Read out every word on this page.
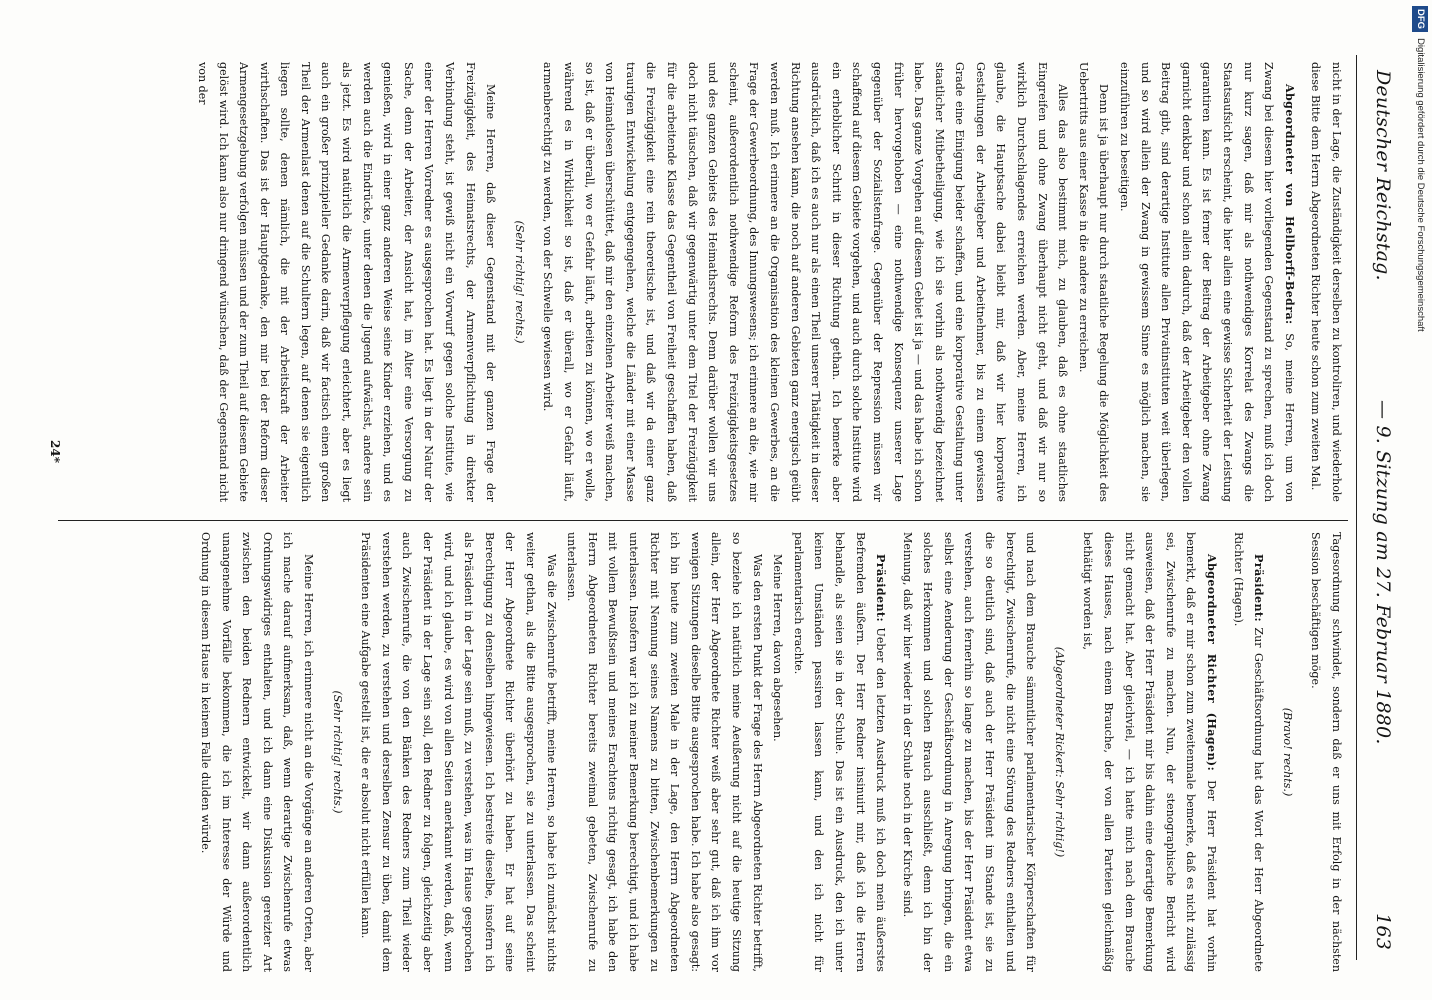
Deutscher Reichstag.
— 9. Sitzung am 27. Februar 1880.
163

nicht in der Lage, die Zuständigkeit derselben zu kontroliren, und wiederhole diese Bitte dem Herrn Abgeordneten Richter heute schon zum zweiten Mal.

Abgeordneter von Hellborff-Bedra: So, meine Herren, um von Zwang bei diesem hier vorliegenden Gegenstand zu sprechen, muß ich doch nur kurz sagen, daß mir als nothwendiges Korrelat des Zwangs die Staatsaufsicht erscheint, die hier allein eine gewisse Sicherheit der Leistung garantiren kann. Es ist ferner der Beitrag der Arbeitgeber ohne Zwang garnicht denkbar und schon allein dadurch, daß der Arbeitgeber den vollen Beitrag gibt, sind derartige Institute allen Privatinstituten weit überlegen, und so wird allein der Zwang in gewissem Sinne es möglich machen, sie einzuführen zu beseitigen.

Denn ist ja überhaupt nur durch staatliche Regelung die Möglichkeit des Uebertritts aus einer Kasse in die andere zu erreichen.

Alles das also bestimmt mich, zu glauben, daß es ohne staatliches Eingreifen und ohne Zwang überhaupt nicht geht, und daß wir nur so wirklich Durchschlagendes erreichen werden. Aber, meine Herren, ich glaube, die Hauptsache dabei bleibt mir, daß wir hier korporative Gestaltungen der Arbeitgeber und Arbeitnehmer, bis zu einem gewissen Grade eine Einigung beider schaffen, und eine korporative Gestaltung unter staatlicher Mitbetheiligung, wie ich sie vorhin als nothwendig bezeichnet habe. Das ganze Vorgehen auf diesem Gebiet ist ja — und das habe ich schon früher hervorgehoben — eine nothwendige Konsequenz unserer Lage gegenüber der Sozialistenfrage. Gegenüber der Repression müssen wir schaffend auf diesem Gebiete vorgehen, und auch durch solche Institute wird ein erheblicher Schritt in dieser Richtung gethan. Ich bemerke aber ausdrücklich, daß ich es auch nur als einen Theil unserer Thätigkeit in dieser Richtung ansehen kann, die noch auf anderen Gebieten ganz energisch geübt werden muß. Ich erinnere an die Organisation des kleinen Gewerbes, an die Frage der Gewerbeordnung, des Innungswesens; ich erinnere an die, wie mir scheint, außerordentlich nothwendige Reform des Freizügigkeitsgesetzes und des ganzen Gebiets des Heimathsrechts. Denn darüber wollen wir uns doch nicht täuschen, daß wir gegenwärtig unter dem Titel der Freizügigkeit für die arbeitende Klasse das Gegentheil von Freiheit geschaffen haben, daß die Freizügigkeit eine rein theoretische ist, und daß wir da einer ganz traurigen Entwickelung entgegengehen, welche die Länder mit einer Masse von Heimatlosen überschüttet, daß mir den einzelnen Arbeiter weiß machen, so ist, daß er überall, wo er Gefahr läuft, arbeiten zu können, wo er wolle, während es in Wirklichkeit so ist, daß er überall, wo er Gefahr läuft, armenberechtigt zu werden, von der Schwelle gewiesen wird.

(Sehr richtig! rechts.)

Meine Herren, daß dieser Gegenstand mit der ganzen Frage der Freizügigkeit, des Heimatsrechts, der Armenverpflichtung in direkter Verbindung steht, ist gewiß nicht ein Vorwurf gegen solche Institute, wie einer der Herren Vorredner es ausgesprochen hat. Es liegt in der Natur der Sache, denn der Arbeiter, der Ansicht hat, im Alter eine Versorgung zu genießen, wird in einer ganz anderen Weise seine Kinder erziehen, und es werden auch die Eindrücke, unter denen die Jugend aufwächst, andere sein als jetzt. Es wird natürlich die Armenverpflegung erleichtert, aber es liegt auch ein großer prinzipieller Gedanke darin, daß wir factisch einen großen Theil der Armenlast denen auf die Schultern legen, auf denen sie eigentlich liegen sollte, denen nämlich, die mit der Arbeitskraft der Arbeiter wirthschaften. Das ist der Hauptgedanke, den mir bei der Reform dieser Armengesetzgebung verfolgen müssen und der zum Theil auf diesem Gebiete gelöst wird. Ich kann also nur dringend wünschen, daß der Gegenstand nicht von der

Tagesordnung schwindet, sondern daß er uns mit Erfolg in der nächsten Session beschäftigen möge.

(Bravo! rechts.)

Präsident: Zur Geschäftsordnung hat das Wort der Herr Abgeordnete Richter (Hagen).

Abgeordneter Richter (Hagen): Der Herr Präsident hat vorhin bemerkt, daß er mir schon zum zweitenmale bemerke, daß es nicht zulässig sei, Zwischenrufe zu machen. Nun, der stenographische Bericht wird ausweisen, daß der Herr Präsident mir bis dahin eine derartige Bemerkung nicht gemacht hat. Aber gleichviel, — ich hatte mich nach dem Brauche dieses Hauses, nach einem Brauche, der von allen Parteien gleichmäßig bethätigt worden ist,

(Abgeordneter Rickert: Sehr richtig!)

und nach dem Brauche sämmtlicher parlamentarischer Körperschaften für berechtigt, Zwischenrufe, die nicht eine Störung des Redners enthalten und die so deutlich sind, daß auch der Herr Präsident im Stande ist, sie zu verstehen, auch fernerhin so lange zu machen, bis der Herr Präsident etwa selbst eine Aenderung der Geschäftsordnung in Anregung bringen, die ein solches Herkommen und solchen Brauch ausschließt, denn ich bin der Meinung, daß wir hier wieder in der Schule noch in der Kirche sind.

Präsident: Ueber den letzten Ausdruck muß ich doch mein äußerstes Befremden äußern. Der Herr Redner insinuirt mir, daß ich die Herren behandle, als seien sie in der Schule. Das ist ein Ausdruck, den ich unter keinen Umständen passiren lassen kann, und den ich nicht für parlamentarisch erachte.

Meine Herren, davon abgesehen.

Was den ersten Punkt der Frage des Herrn Abgeordneten Richter betrifft, so beziehe ich natürlich meine Aeußerung nicht auf die heutige Sitzung allein, der Herr Abgeordnete Richter weiß aber sehr gut, daß ich ihm vor wenigen Sitzungen dieselbe Bitte ausgesprochen habe. Ich habe also gesagt: ich bin heute zum zweiten Male in der Lage, den Herrn Abgeordneten Richter mit Nennung seines Namens zu bitten, Zwischenbemerkungen zu unterlassen. Insofern war ich zu meiner Bemerkung berechtigt, und ich habe mit vollem Bewußtsein und meines Erachtens richtig gesagt, ich habe den Herrn Abgeordneten Richter bereits zweimal gebeten, Zwischenrufe zu unterlassen.

Was die Zwischenrufe betrifft, meine Herren, so habe ich zunächst nichts weiter gethan, als die Bitte ausgesprochen, sie zu unterlassen. Das scheint der Herr Abgeordnete Richter überhört zu haben. Er hat auf seine Berechtigung zu denselben hingewiesen. Ich bestreite dieselbe, insofern ich als Präsident in der Lage sein muß, zu verstehen, was im Hause gesprochen wird, und ich glaube, es wird von allen Seiten anerkannt werden, daß, wenn der Präsident in der Lage sein soll, den Redner zu folgen, gleichzeitig aber auch Zwischenrufe, die von den Bänken des Redners zum Theil wieder verstehen werden, zu verstehen und derselben Zensur zu üben, damit dem Präsidenten eine Aufgabe gestellt ist, die er absolut nicht erfüllen kann.

(Sehr richtig! rechts.)

Meine Herren, ich erinnere nicht an die Vorgänge an anderen Orten, aber ich mache darauf aufmerksam, daß, wenn derartige Zwischenrufe etwas Ordnungswidriges enthalten, und ich dann eine Diskussion gereizter Art zwischen den beiden Rednern entwickelt, wir dann außerordentlich unangenehme Vorfälle bekommen, die ich im Interesse der Würde und Ordnung in diesem Hause in keinem Falle dulden würde.

24*
DFGDigitalisierung gefördert durch die Deutsche Forschungsgemeinschaft
